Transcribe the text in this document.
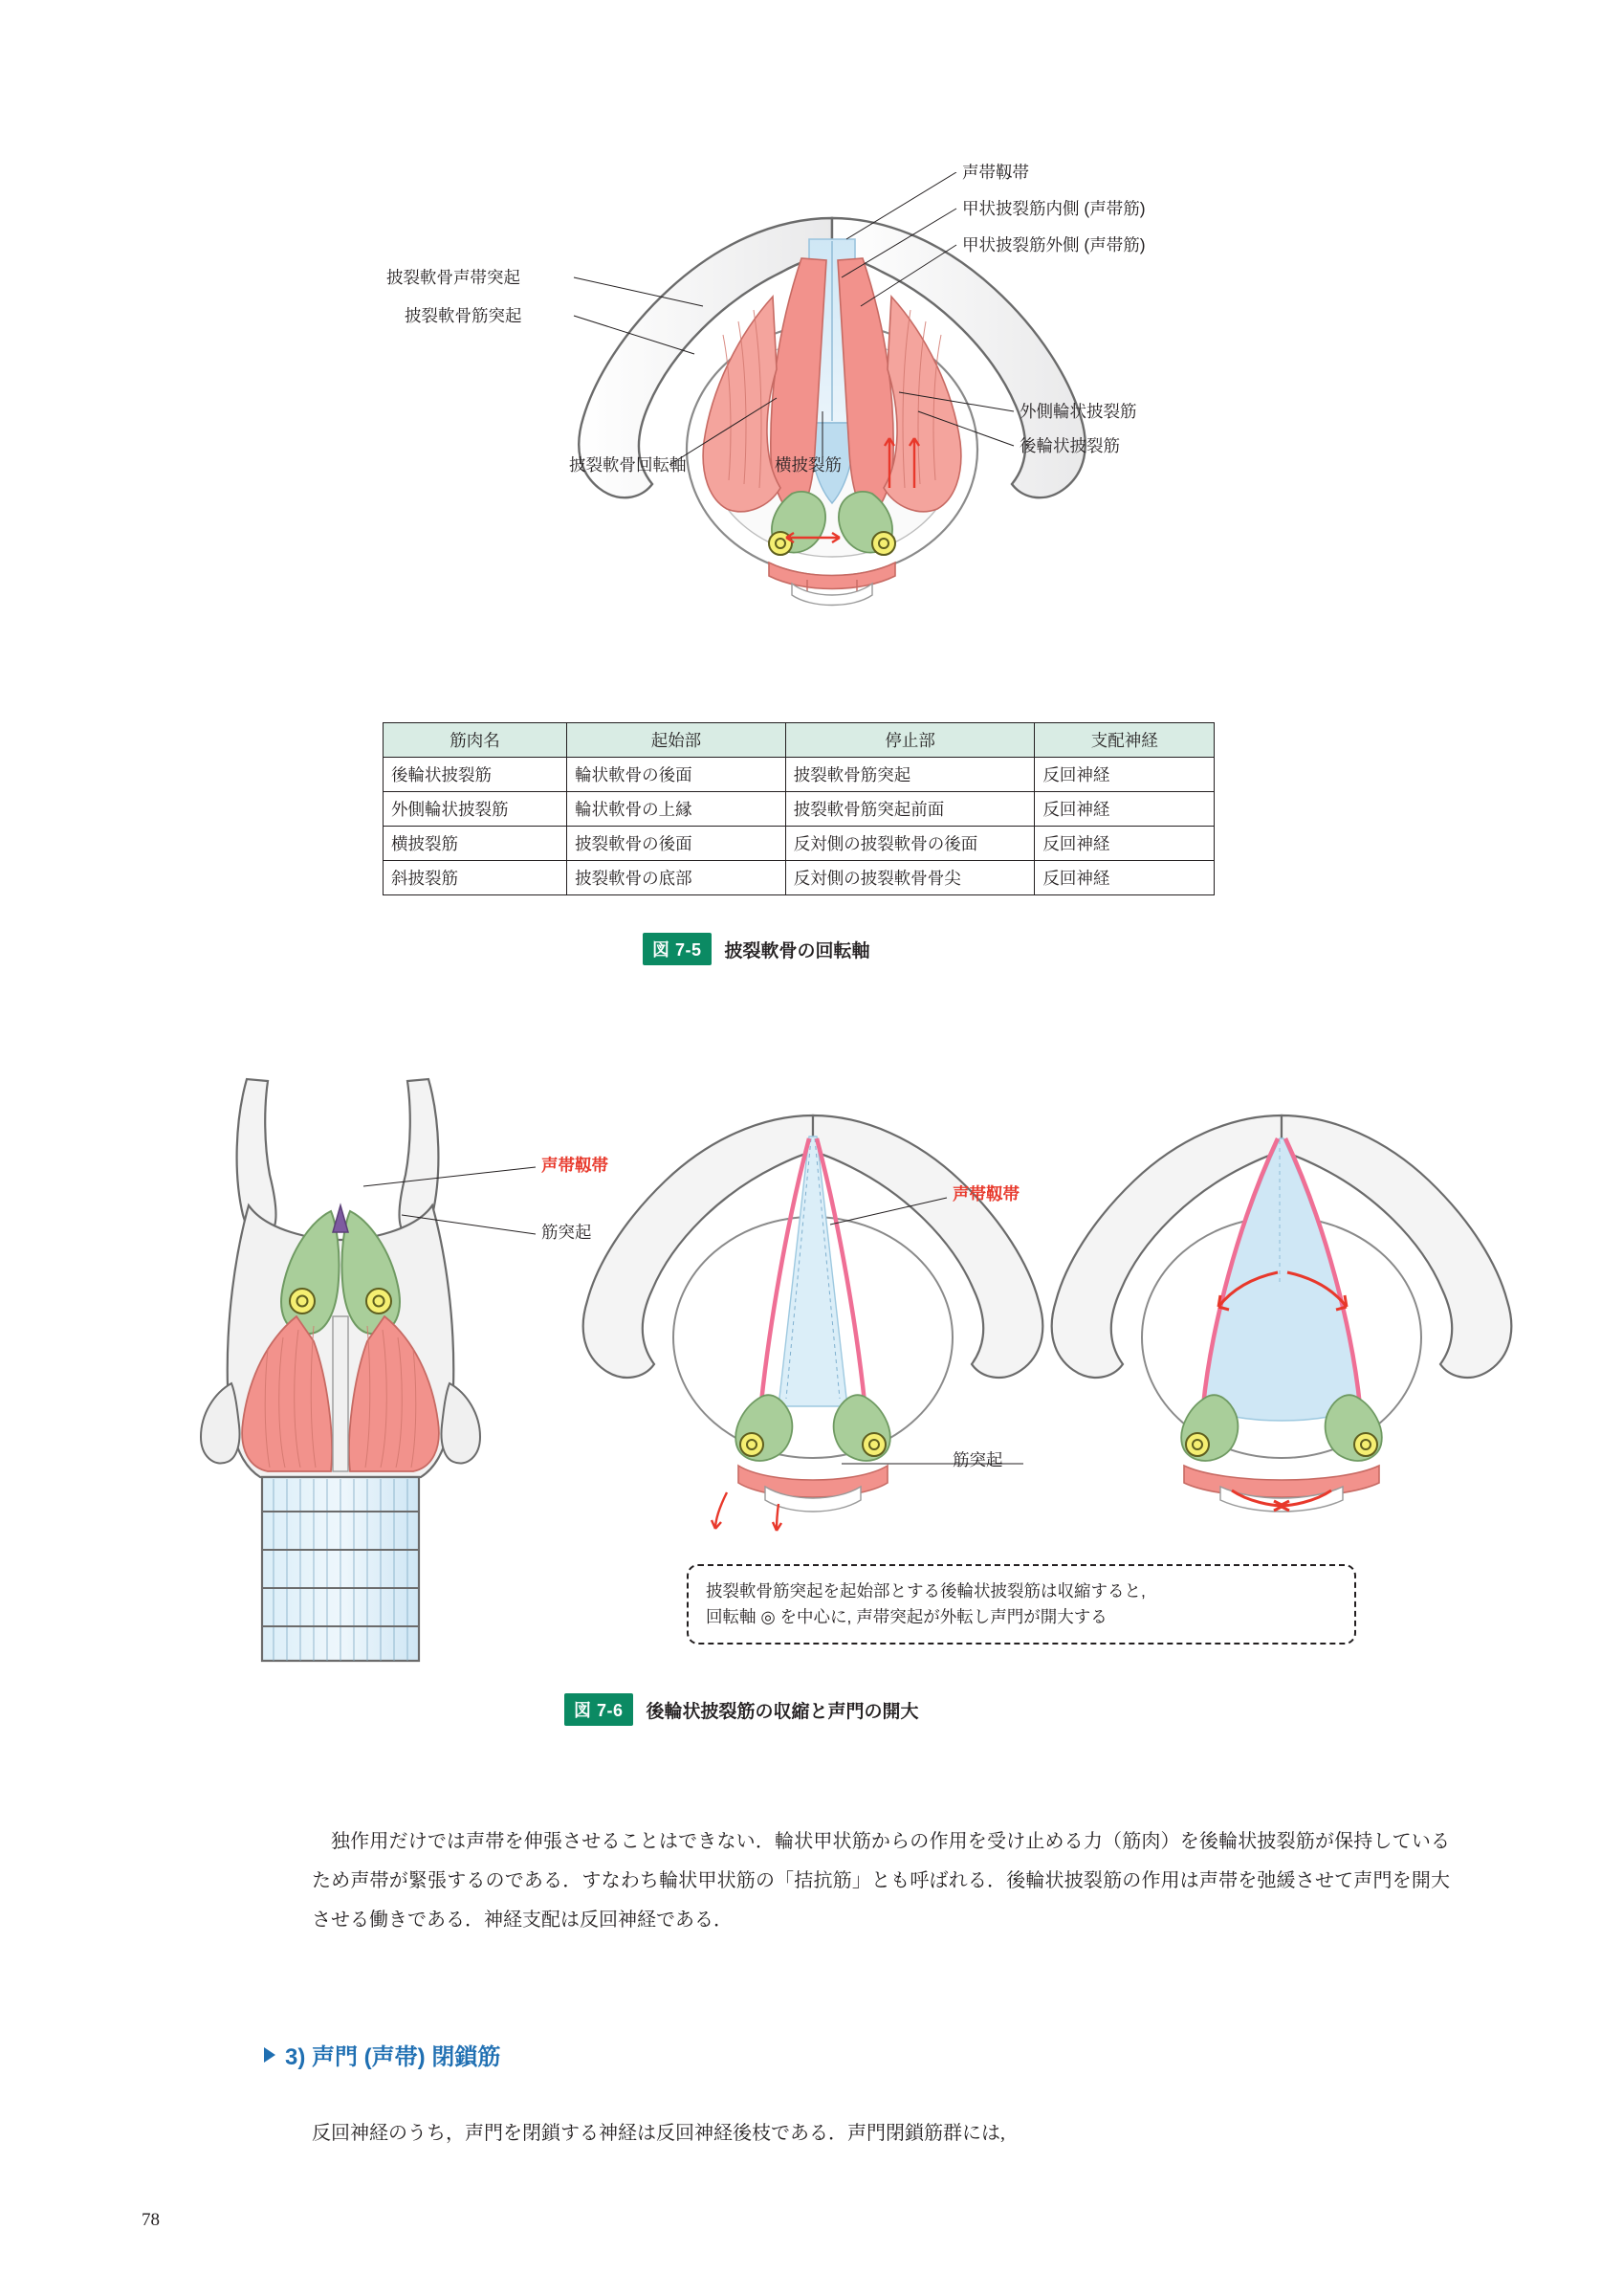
声帯靱帯
甲状披裂筋内側 (声帯筋)
甲状披裂筋外側 (声帯筋)
披裂軟骨声帯突起
披裂軟骨筋突起
外側輪状披裂筋
後輪状披裂筋
披裂軟骨回転軸	横披裂筋
筋肉名	起始部	停止部	支配神経
後輪状披裂筋	輪状軟骨の後面	披裂軟骨筋突起	反回神経
外側輪状披裂筋	輪状軟骨の上縁	披裂軟骨筋突起前面	反回神経
横披裂筋	披裂軟骨の後面	反対側の披裂軟骨の後面	反回神経
斜披裂筋	披裂軟骨の底部	反対側の披裂軟骨骨尖	反回神経
図 7-5	披裂軟骨の回転軸
声帯靱帯
筋突起
声帯靱帯
筋突起
披裂軟骨筋突起を起始部とする後輪状披裂筋は収縮すると,
回転軸 ◎ を中心に, 声帯突起が外転し声門が開大する
図 7-6	後輪状披裂筋の収縮と声門の開大

独作用だけでは声帯を伸張させることはできない．輪状甲状筋からの作用を受け止める力（筋肉）を後輪状披裂筋が保持しているため声帯が緊張するのである．すなわち輪状甲状筋の「拮抗筋」とも呼ばれる．後輪状披裂筋の作用は声帯を弛緩させて声門を開大させる働きである．神経支配は反回神経である．

3) 声門 (声帯) 閉鎖筋

反回神経のうち，声門を閉鎖する神経は反回神経後枝である．声門閉鎖筋群には,

78
